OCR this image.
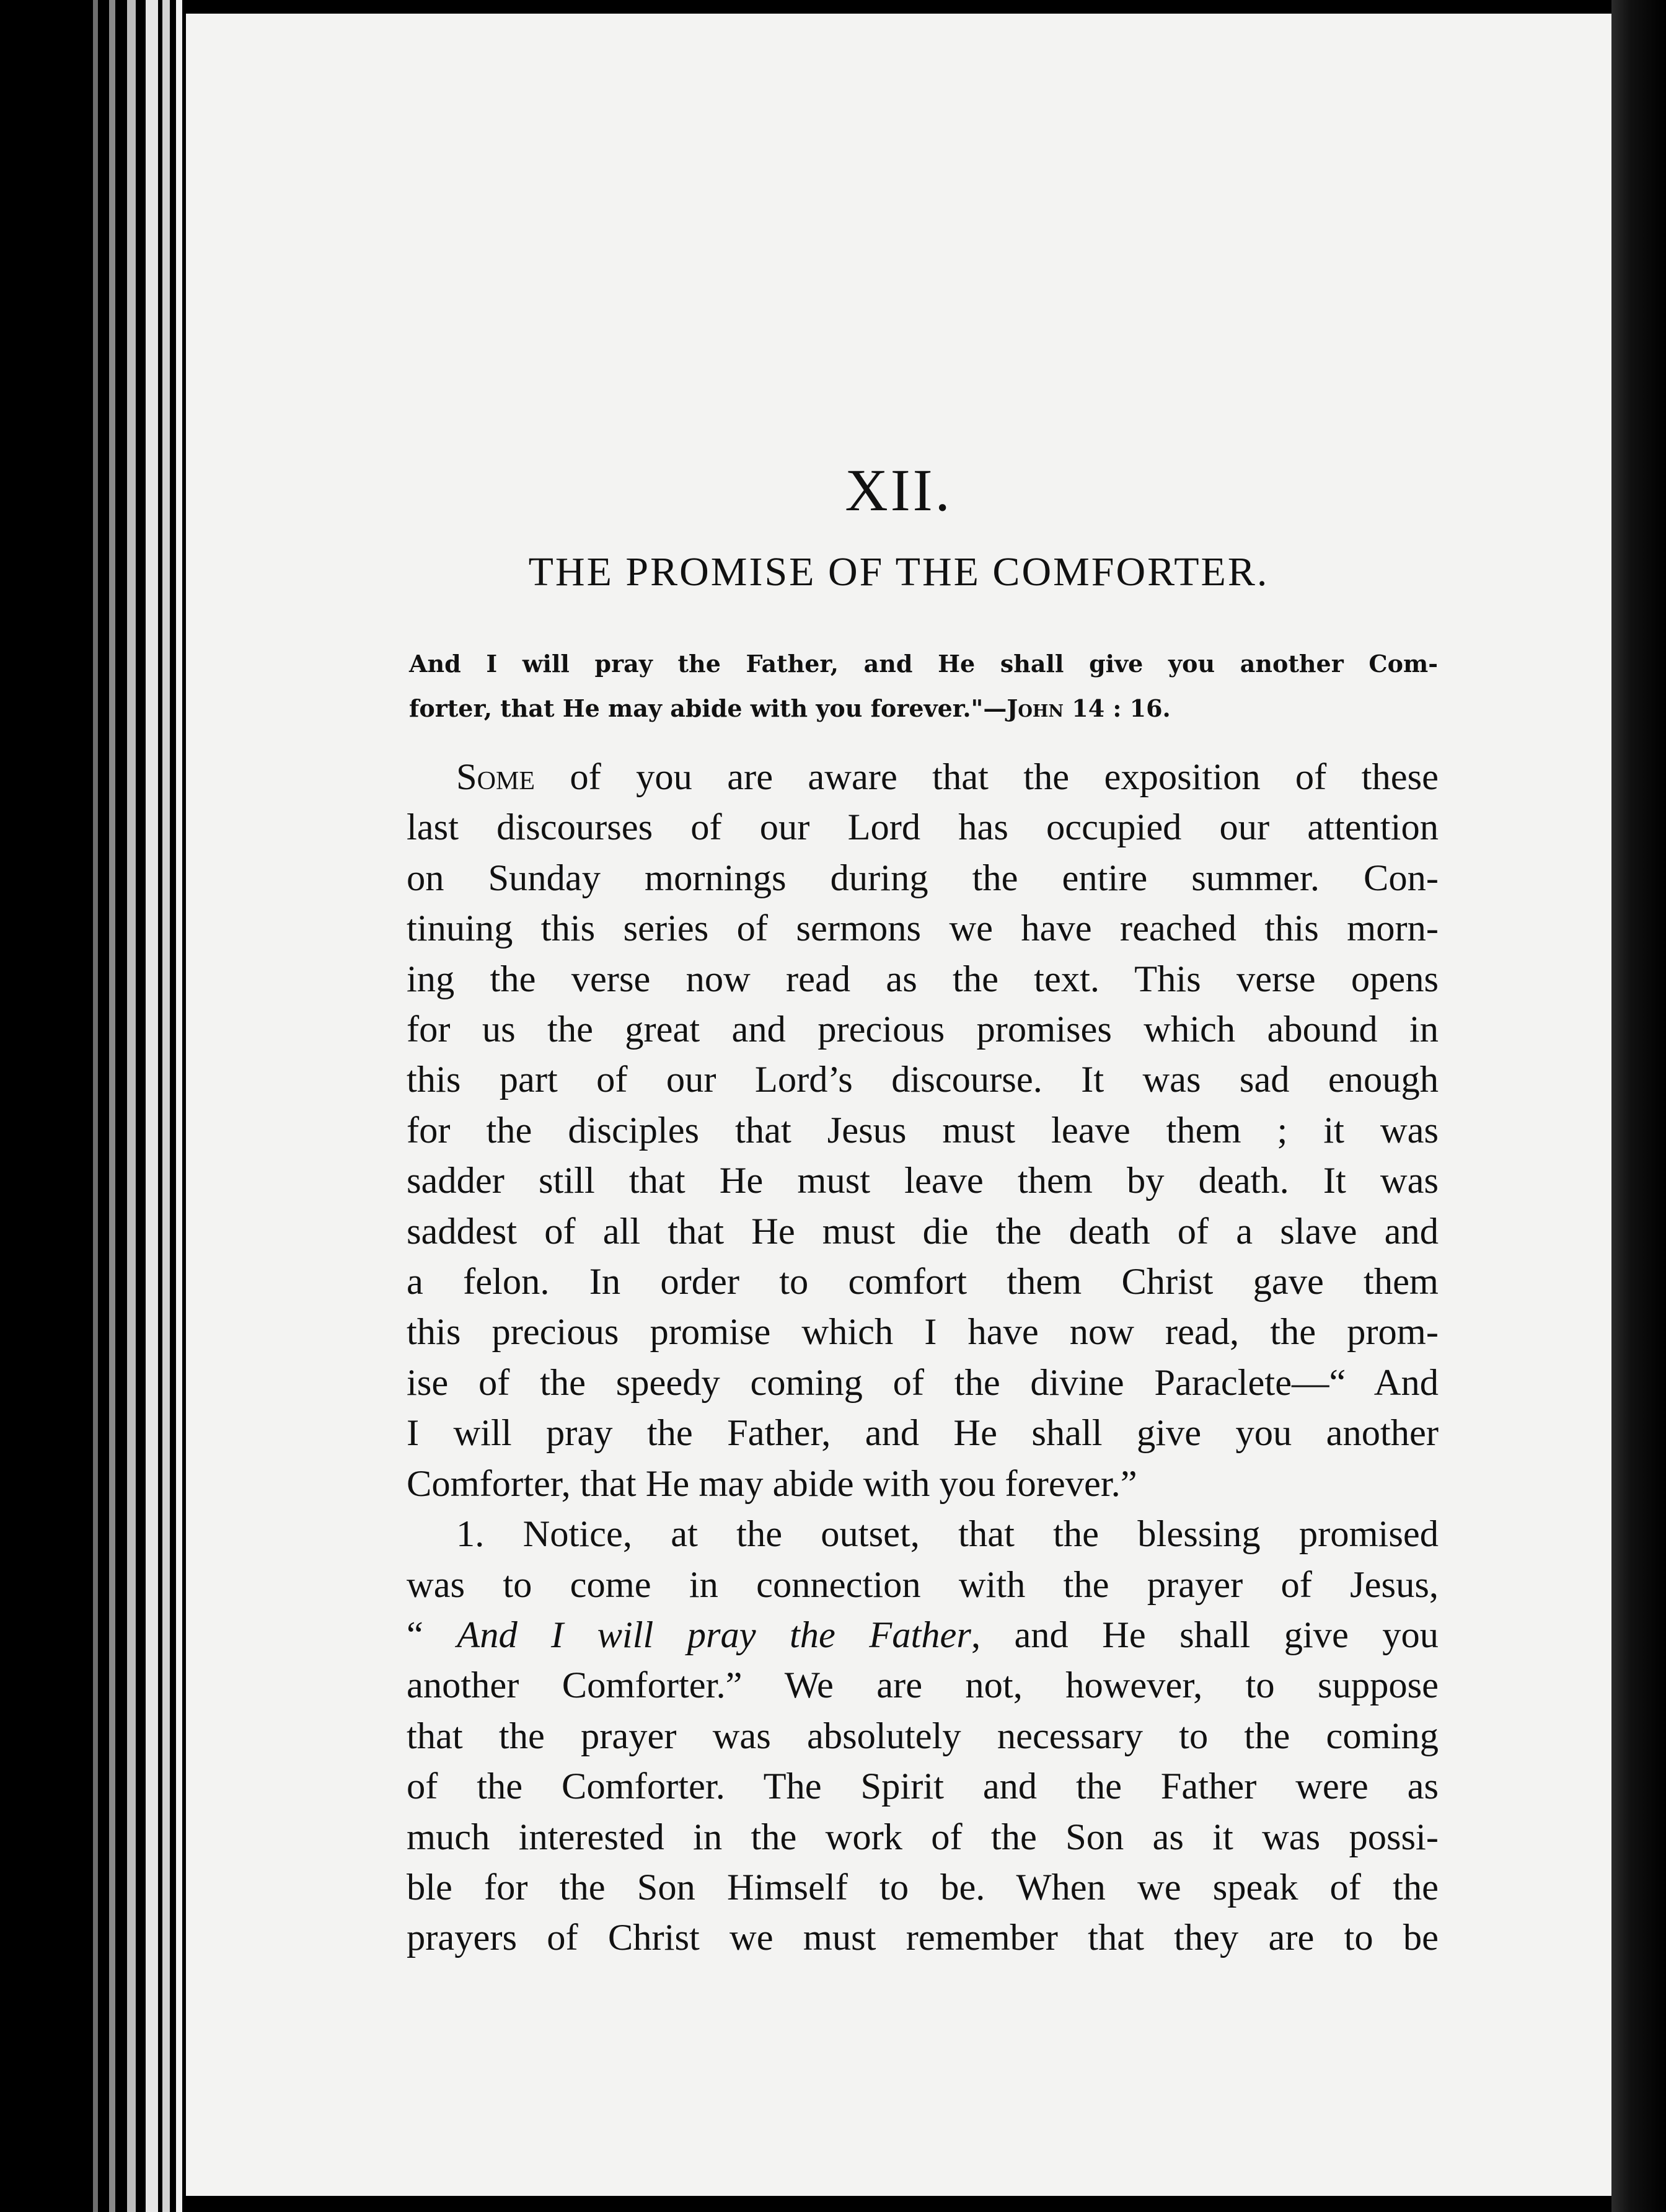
XII.
THE PROMISE OF THE COMFORTER.
And I will pray the Father, and He shall give you another Com-
forter, that He may abide with you forever."—John 14 : 16.
Some of you are aware that the exposition of these
last discourses of our Lord has occupied our attention
on Sunday mornings during the entire summer. Con-
tinuing this series of sermons we have reached this morn-
ing the verse now read as the text. This verse opens
for us the great and precious promises which abound in
this part of our Lord’s discourse. It was sad enough
for the disciples that Jesus must leave them ; it was
sadder still that He must leave them by death. It was
saddest of all that He must die the death of a slave and
a felon. In order to comfort them Christ gave them
this precious promise which I have now read, the prom-
ise of the speedy coming of the divine Paraclete—“ And
I will pray the Father, and He shall give you another
Comforter, that He may abide with you forever.”
1. Notice, at the outset, that the blessing promised
was to come in connection with the prayer of Jesus,
“ And I will pray the Father, and He shall give you
another Comforter.” We are not, however, to suppose
that the prayer was absolutely necessary to the coming
of the Comforter. The Spirit and the Father were as
much interested in the work of the Son as it was possi-
ble for the Son Himself to be. When we speak of the
prayers of Christ we must remember that they are to be
